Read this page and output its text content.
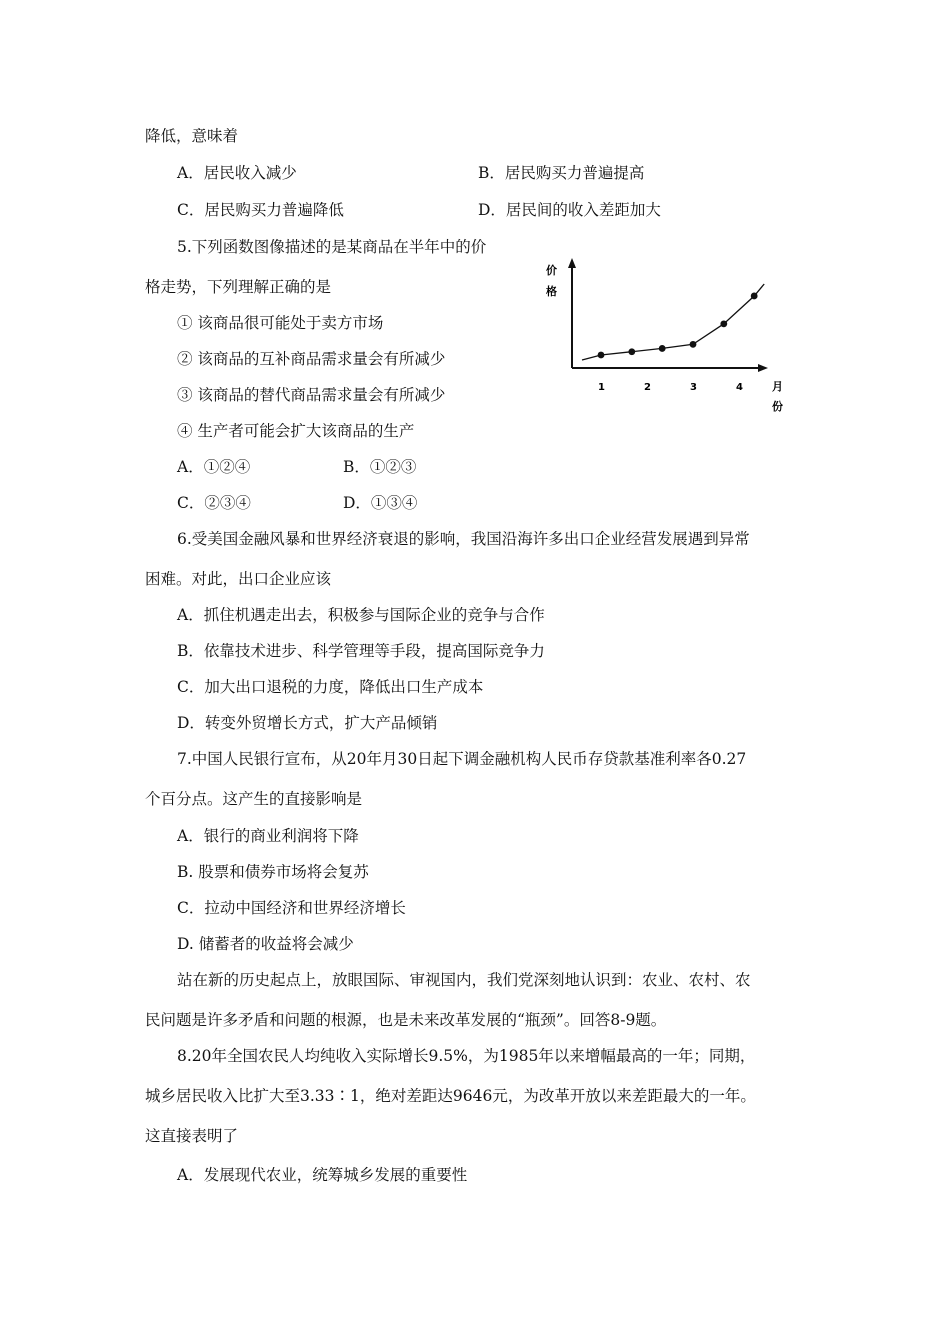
降低，意味着
A．居民收入减少	B．居民购买力普遍提高
C．居民购买力普遍降低	D．居民间的收入差距加大
5.下列函数图像描述的是某商品在半年中的价
格走势，下列理解正确的是
① 该商品很可能处于卖方市场
② 该商品的互补商品需求量会有所减少
③ 该商品的替代商品需求量会有所减少
④ 生产者可能会扩大该商品的生产
A．①②④	B．①②③
C．②③④	D．①③④
价
格
1	2	3	4	月
份
6.受美国金融风暴和世界经济衰退的影响，我国沿海许多出口企业经营发展遇到异常
困难。对此，出口企业应该
A．抓住机遇走出去，积极参与国际企业的竞争与合作
B．依靠技术进步、科学管理等手段，提高国际竞争力
C．加大出口退税的力度，降低出口生产成本
D．转变外贸增长方式，扩大产品倾销
7.中国人民银行宣布，从20年月30日起下调金融机构人民币存贷款基准利率各0.27
个百分点。这产生的直接影响是
A．银行的商业利润将下降
B. 股票和债券市场将会复苏
C．拉动中国经济和世界经济增长
D. 储蓄者的收益将会减少
站在新的历史起点上，放眼国际、审视国内，我们党深刻地认识到：农业、农村、农
民问题是许多矛盾和问题的根源，也是未来改革发展的“瓶颈”。回答8-9题。
8.20年全国农民人均纯收入实际增长9.5%，为1985年以来增幅最高的一年；同期，
城乡居民收入比扩大至3.33∶1，绝对差距达9646元，为改革开放以来差距最大的一年。
这直接表明了
A．发展现代农业，统筹城乡发展的重要性
